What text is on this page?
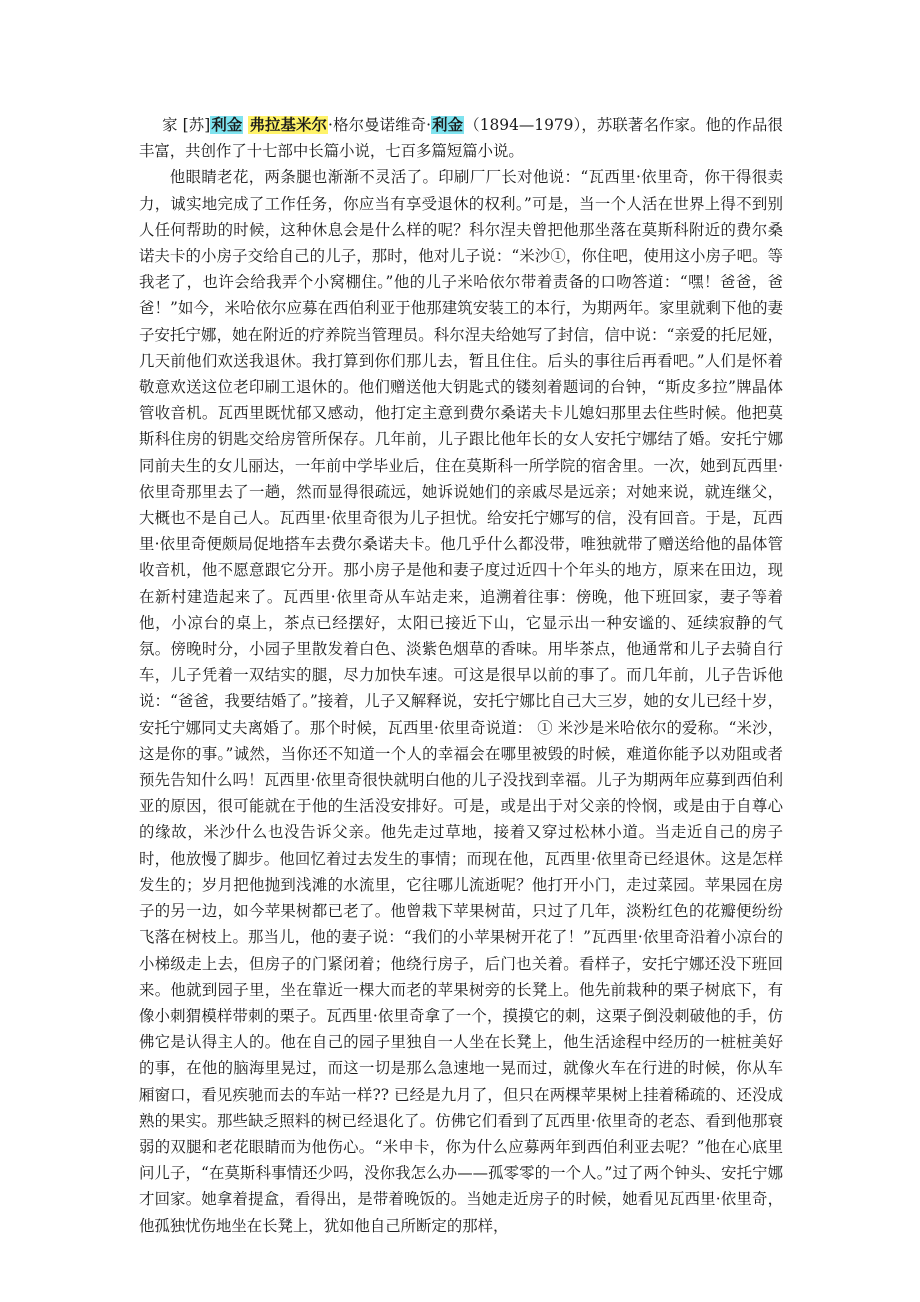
家 [苏]利金 弗拉基米尔·格尔曼诺维奇·利金（1894—1979），苏联著名作家。他的作品很丰富，共创作了十七部中长篇小说，七百多篇短篇小说。

他眼睛老花，两条腿也渐渐不灵活了。印刷厂厂长对他说：“瓦西里·依里奇，你干得很卖力，诚实地完成了工作任务，你应当有享受退休的权利。”可是，当一个人活在世界上得不到别人任何帮助的时候，这种休息会是什么样的呢？科尔涅夫曾把他那坐落在莫斯科附近的费尔桑诺夫卡的小房子交给自己的儿子，那时，他对儿子说：“米沙①，你住吧，使用这小房子吧。等我老了，也许会给我弄个小窝棚住。”他的儿子米哈依尔带着责备的口吻答道：“嘿！爸爸，爸爸！”如今，米哈依尔应募在西伯利亚于他那建筑安装工的本行，为期两年。家里就剩下他的妻子安托宁娜，她在附近的疗养院当管理员。科尔涅夫给她写了封信，信中说：“亲爱的托尼娅，几天前他们欢送我退休。我打算到你们那儿去，暂且住住。后头的事往后再看吧。”人们是怀着敬意欢送这位老印刷工退休的。他们赠送他大钥匙式的镂刻着题词的台钟，“斯皮多拉”牌晶体管收音机。瓦西里既忧郁又感动，他打定主意到费尔桑诺夫卡儿媳妇那里去住些时候。他把莫斯科住房的钥匙交给房管所保存。几年前，儿子跟比他年长的女人安托宁娜结了婚。安托宁娜同前夫生的女儿丽达，一年前中学毕业后，住在莫斯科一所学院的宿舍里。一次，她到瓦西里·依里奇那里去了一趟，然而显得很疏远，她诉说她们的亲戚尽是远亲；对她来说，就连继父，大概也不是自己人。瓦西里·依里奇很为儿子担忧。给安托宁娜写的信，没有回音。于是，瓦西里·依里奇便颇局促地搭车去费尔桑诺夫卡。他几乎什么都没带，唯独就带了赠送给他的晶体管收音机，他不愿意跟它分开。那小房子是他和妻子度过近四十个年头的地方，原来在田边，现在新村建造起来了。瓦西里·依里奇从车站走来，追溯着往事：傍晚，他下班回家，妻子等着他，小凉台的桌上，茶点已经摆好，太阳已接近下山，它显示出一种安谧的、延续寂静的气氛。傍晚时分，小园子里散发着白色、淡紫色烟草的香味。用毕茶点，他通常和儿子去骑自行车，儿子凭着一双结实的腿，尽力加快车速。可这是很早以前的事了。而几年前，儿子告诉他说：“爸爸，我要结婚了。”接着，儿子又解释说，安托宁娜比自己大三岁，她的女儿已经十岁，安托宁娜同丈夫离婚了。那个时候，瓦西里·依里奇说道： ① 米沙是米哈依尔的爱称。“米沙，这是你的事。”诚然，当你还不知道一个人的幸福会在哪里被毁的时候，难道你能予以劝阻或者预先告知什么吗！瓦西里·依里奇很快就明白他的儿子没找到幸福。儿子为期两年应募到西伯利亚的原因，很可能就在于他的生活没安排好。可是，或是出于对父亲的怜悯，或是由于自尊心的缘故，米沙什么也没告诉父亲。他先走过草地，接着又穿过松林小道。当走近自己的房子时，他放慢了脚步。他回忆着过去发生的事情；而现在他，瓦西里·依里奇已经退休。这是怎样发生的；岁月把他抛到浅滩的水流里，它往哪儿流逝呢？他打开小门，走过菜园。苹果园在房子的另一边，如今苹果树都已老了。他曾栽下苹果树苗，只过了几年，淡粉红色的花瓣便纷纷飞落在树枝上。那当儿，他的妻子说：“我们的小苹果树开花了！”瓦西里·依里奇沿着小凉台的小梯级走上去，但房子的门紧闭着；他绕行房子，后门也关着。看样子，安托宁娜还没下班回来。他就到园子里，坐在靠近一棵大而老的苹果树旁的长凳上。他先前栽种的栗子树底下，有像小刺猬模样带刺的栗子。瓦西里·依里奇拿了一个，摸摸它的刺，这栗子倒没刺破他的手，仿佛它是认得主人的。他在自己的园子里独自一人坐在长凳上，他生活途程中经历的一桩桩美好的事，在他的脑海里晃过，而这一切是那么急速地一晃而过，就像火车在行进的时候，你从车厢窗口，看见疾驰而去的车站一样?? 已经是九月了，但只在两棵苹果树上挂着稀疏的、还没成熟的果实。那些缺乏照料的树已经退化了。仿佛它们看到了瓦西里·依里奇的老态、看到他那衰弱的双腿和老花眼睛而为他伤心。“米申卡，你为什么应募两年到西伯利亚去呢？”他在心底里问儿子，“在莫斯科事情还少吗，没你我怎么办——孤零零的一个人。”过了两个钟头、安托宁娜才回家。她拿着提盒，看得出，是带着晚饭的。当她走近房子的时候，她看见瓦西里·依里奇，他孤独忧伤地坐在长凳上，犹如他自己所断定的那样，
